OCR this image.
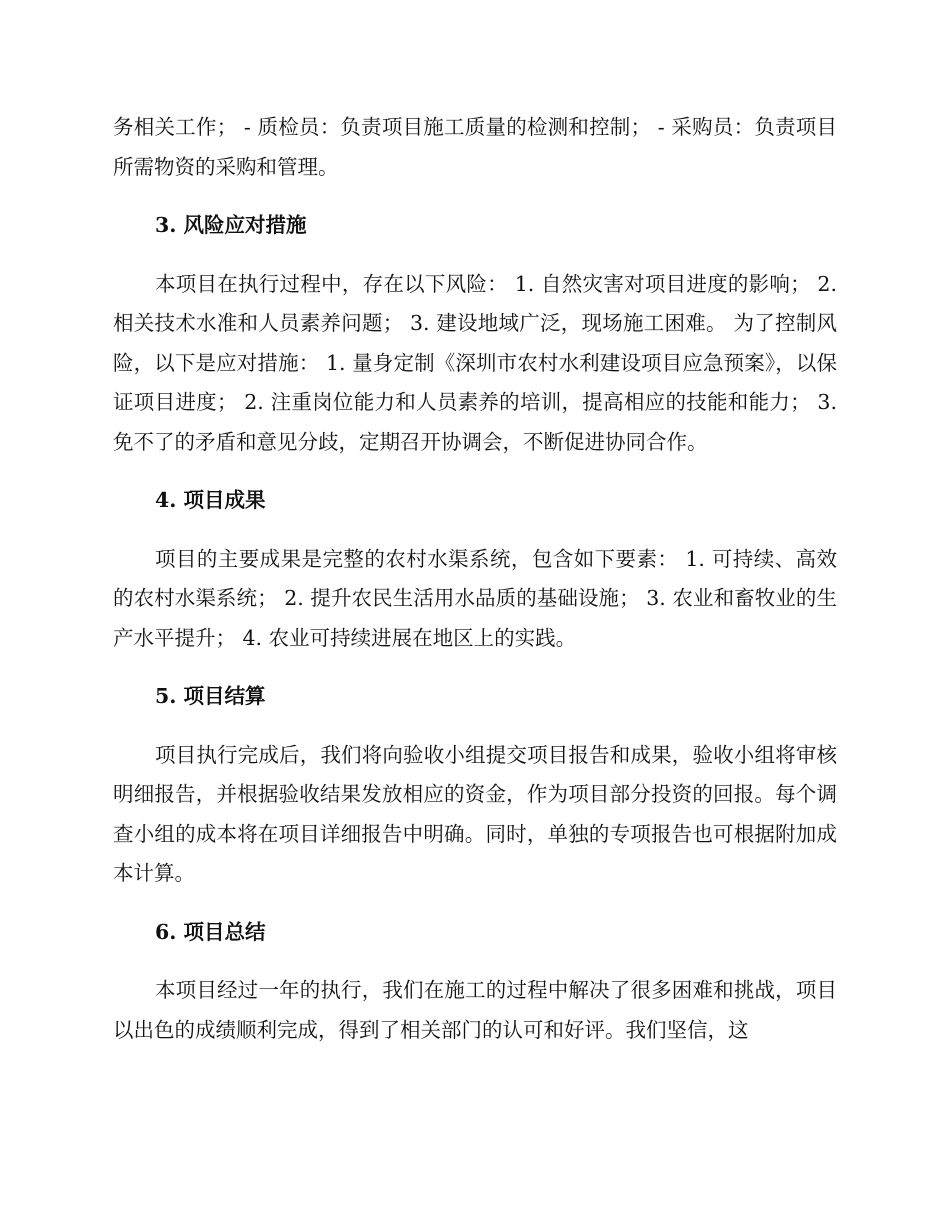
务相关工作； - 质检员：负责项目施工质量的检测和控制； - 采购员：负责项目所需物资的采购和管理。

3. 风险应对措施

本项目在执行过程中，存在以下风险： 1. 自然灾害对项目进度的影响； 2. 相关技术水准和人员素养问题； 3. 建设地域广泛，现场施工困难。 为了控制风险，以下是应对措施： 1. 量身定制《深圳市农村水利建设项目应急预案》，以保证项目进度； 2. 注重岗位能力和人员素养的培训，提高相应的技能和能力； 3. 免不了的矛盾和意见分歧，定期召开协调会，不断促进协同合作。

4. 项目成果

项目的主要成果是完整的农村水渠系统，包含如下要素： 1. 可持续、高效的农村水渠系统； 2. 提升农民生活用水品质的基础设施； 3. 农业和畜牧业的生产水平提升； 4. 农业可持续进展在地区上的实践。

5. 项目结算

项目执行完成后，我们将向验收小组提交项目报告和成果，验收小组将审核明细报告，并根据验收结果发放相应的资金，作为项目部分投资的回报。每个调查小组的成本将在项目详细报告中明确。同时，单独的专项报告也可根据附加成本计算。

6. 项目总结

本项目经过一年的执行，我们在施工的过程中解决了很多困难和挑战，项目以出色的成绩顺利完成，得到了相关部门的认可和好评。我们坚信，这
